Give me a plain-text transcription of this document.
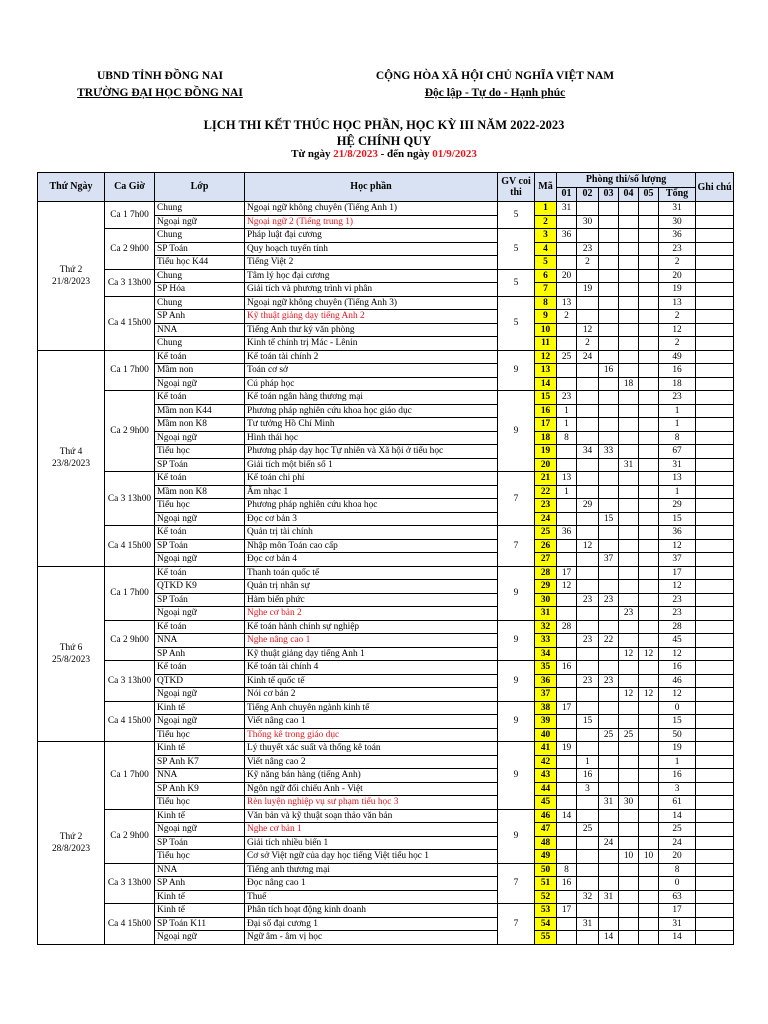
UBND TỈNH ĐỒNG NAI
TRƯỜNG ĐẠI HỌC ĐỒNG NAI
CỘNG HÒA XÃ HỘI CHỦ NGHĨA VIỆT NAM
Độc lập - Tự do - Hạnh phúc
LỊCH THI KẾT THÚC HỌC PHẦN, HỌC KỲ III NĂM 2022-2023
HỆ CHÍNH QUY
Từ ngày 21/8/2023 - đến ngày 01/9/2023
Thứ Ngày	Ca Giờ	Lớp	Học phần	GV coi thi	Mã	Phòng thi/số lượng						Ghi chú
						01	02	03	04	05	Tổng	
Thứ 2 21/8/2023	Ca 1 7h00	Chung	Ngoại ngữ không chuyên (Tiếng Anh 1)	5	1	31					31	
		Ngoại ngữ	Ngoại ngữ 2 (Tiếng trung 1)		2		30				30	
	Ca 2 9h00	Chung	Pháp luật đại cương	5	3	36					36	
		SP Toán	Quy hoạch tuyến tính		4		23				23	
		Tiểu học K44	Tiếng Việt 2		5		2				2	
	Ca 3 13h00	Chung	Tâm lý học đại cương	5	6	20					20	
		SP Hóa	Giải tích và phương trình vi phân		7		19				19	
	Ca 4 15h00	Chung	Ngoại ngữ không chuyên (Tiếng Anh 3)	5	8	13					13	
		SP Anh	Kỹ thuật giảng dạy tiếng Anh 2		9	2					2	
		NNA	Tiếng Anh thư ký văn phòng		10		12				12	
		Chung	Kinh tế chính trị Mác - Lênin		11		2				2	
Thứ 4 23/8/2023	Ca 1 7h00	Kế toán	Kế toán tài chính 2	9	12	25	24				49	
		Mầm non	Toán cơ sở		13			16			16	
		Ngoại ngữ	Cú pháp học		14				18		18	
	Ca 2 9h00	Kế toán	Kế toán ngân hàng thương mại	9	15	23					23	
		Mầm non K44	Phương pháp nghiên cứu khoa học giáo dục		16	1					1	
		Mầm non K8	Tư tưởng Hồ Chí Minh		17	1					1	
		Ngoại ngữ	Hình thái học		18	8					8	
		Tiểu học	Phương pháp dạy học Tự nhiên và Xã hội ở tiểu học		19		34	33			67	
		SP Toán	Giải tích một biến số 1		20				31		31	
	Ca 3 13h00	Kế toán	Kế toán chi phí	7	21	13					13	
		Mầm non K8	Âm nhạc 1		22	1					1	
		Tiểu học	Phương pháp nghiên cứu khoa học		23		29				29	
		Ngoại ngữ	Đọc cơ bản 3		24			15			15	
	Ca 4 15h00	Kế toán	Quản trị tài chính	7	25	36					36	
		SP Toán	Nhập môn Toán cao cấp		26		12				12	
		Ngoại ngữ	Đọc cơ bản 4		27			37			37	
Thứ 6 25/8/2023	Ca 1 7h00	Kế toán	Thanh toán quốc tế	9	28	17					17	
		QTKD K9	Quản trị nhân sự		29	12					12	
		SP Toán	Hàm biến phức		30		23	23			23	
		Ngoại ngữ	Nghe cơ bản 2		31				23		23	
	Ca 2 9h00	Kế toán	Kế toán hành chính sự nghiệp	9	32	28					28	
		NNA	Nghe nâng cao 1		33		23	22			45	
		SP Anh	Kỹ thuật giảng dạy tiếng Anh 1		34				12	12	12	
	Ca 3 13h00	Kế toán	Kế toán tài chính 4	9	35	16					16	
		QTKD	Kinh tế quốc tế		36		23	23			46	
		Ngoại ngữ	Nói cơ bản 2		37				12	12	12	
	Ca 4 15h00	Kinh tế	Tiếng Anh chuyên ngành kinh tế	9	38	17					0	
		Ngoại ngữ	Viết nâng cao 1		39		15				15	
		Tiểu học	Thống kê trong giáo dục		40			25	25		50	
Thứ 2 28/8/2023	Ca 1 7h00	Kinh tế	Lý thuyết xác suất và thống kê toán	9	41	19					19	
		SP Anh K7	Viết nâng cao 2		42		1				1	
		NNA	Kỹ năng bán hàng (tiếng Anh)		43		16				16	
		SP Anh K9	Ngôn ngữ đối chiếu Anh - Việt		44		3				3	
		Tiểu học	Rèn luyện nghiệp vụ sư phạm tiểu học 3		45			31	30		61	
	Ca 2 9h00	Kinh tế	Văn bản và kỹ thuật soạn thảo văn bản	9	46	14					14	
		Ngoại ngữ	Nghe cơ bản 1		47		25				25	
		SP Toán	Giải tích nhiều biến 1		48			24			24	
		Tiểu học	Cơ sở Việt ngữ của dạy học tiếng Việt tiểu học 1		49				10	10	20	
	Ca 3 13h00	NNA	Tiếng anh thương mại	7	50	8					8	
		SP Anh	Đọc nâng cao 1		51	16					0	
		Kinh tế	Thuế		52		32	31			63	
	Ca 4 15h00	Kinh tế	Phân tích hoạt động kinh doanh	7	53	17					17	
		SP Toán K11	Đại số đại cương 1		54		31				31	
		Ngoại ngữ	Ngữ âm - âm vị học		55			14			14	
